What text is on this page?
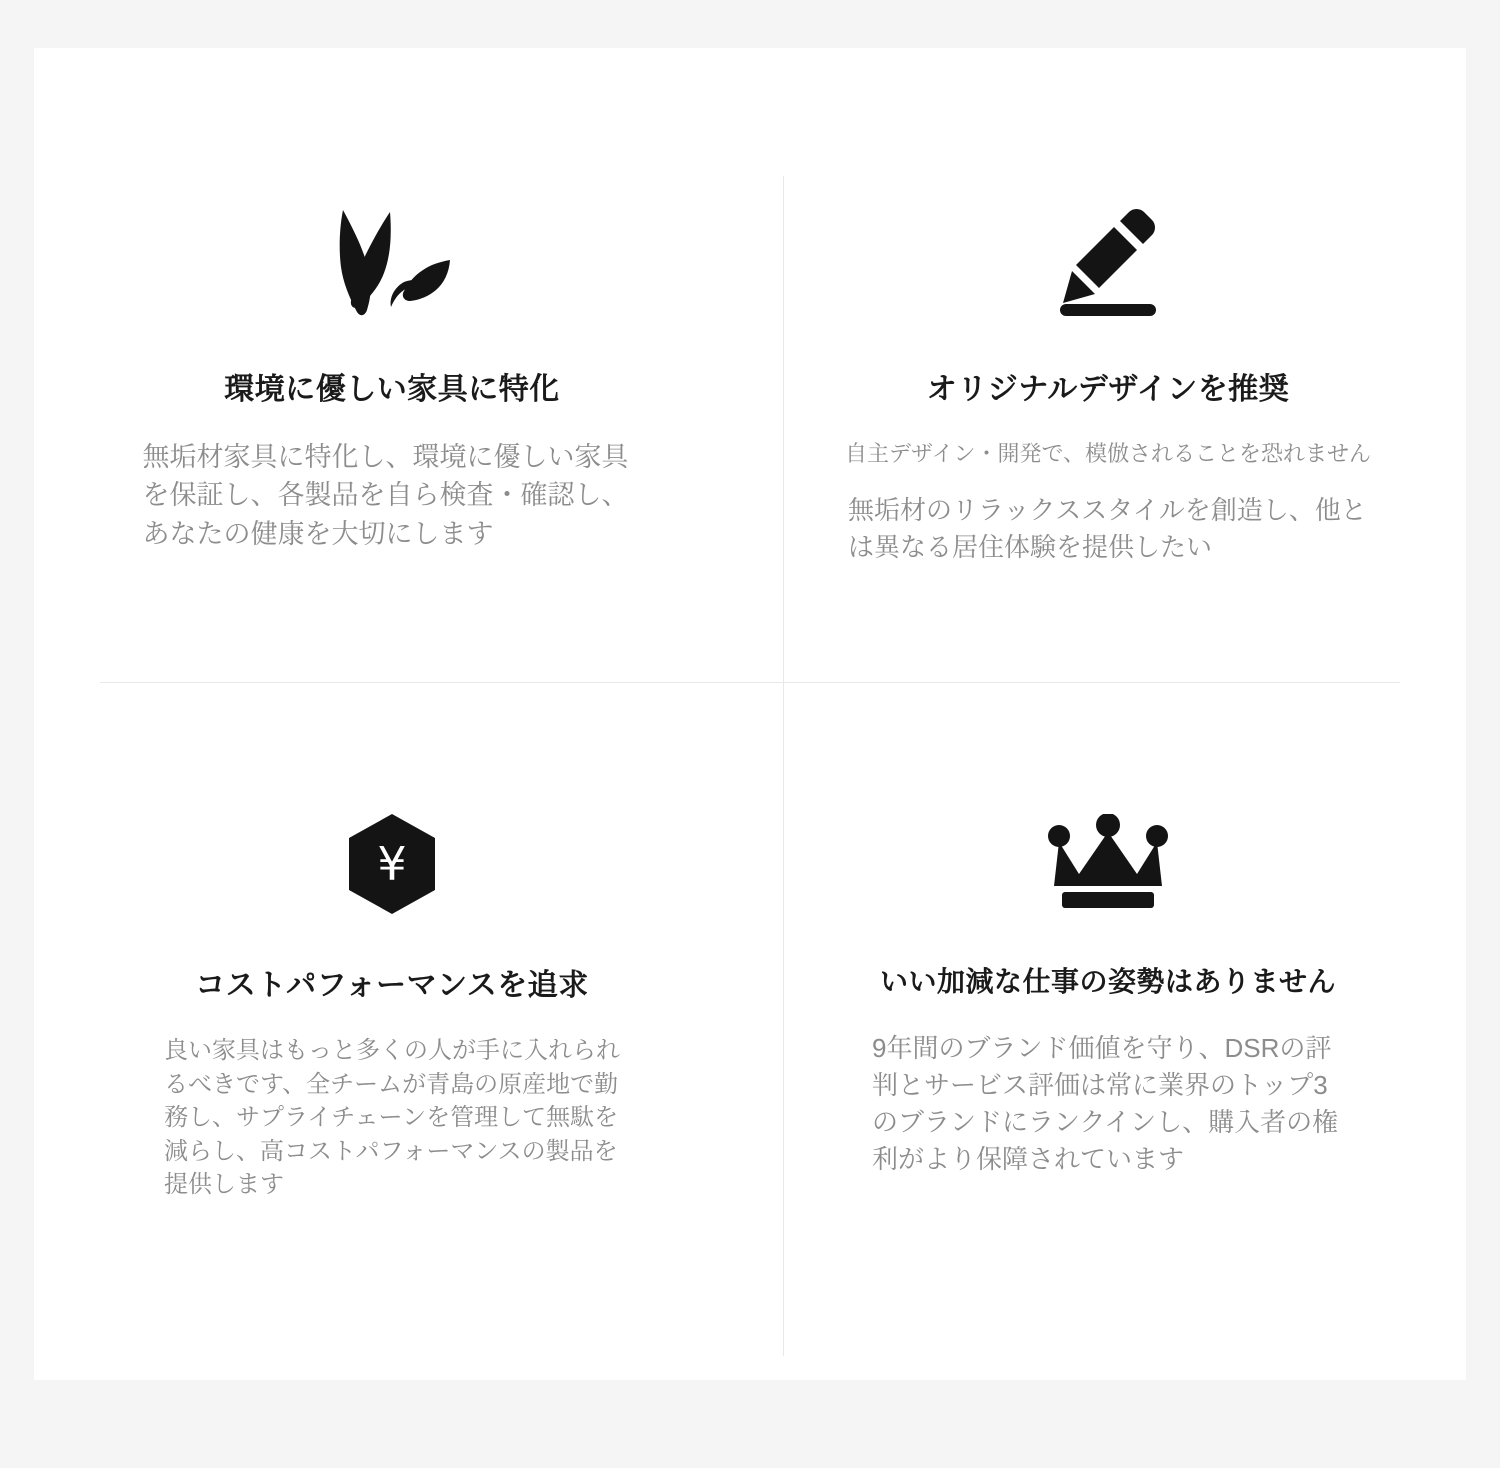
環境に優しい家具に特化

無垢材家具に特化し、環境に優しい家具を保証し、各製品を自ら検査・確認し、あなたの健康を大切にします

オリジナルデザインを推奨

自主デザイン・開発で、模倣されることを恐れません

無垢材のリラックススタイルを創造し、他とは異なる居住体験を提供したい

¥
コストパフォーマンスを追求

良い家具はもっと多くの人が手に入れられるべきです、全チームが青島の原産地で勤務し、サプライチェーンを管理して無駄を減らし、高コストパフォーマンスの製品を提供します

いい加減な仕事の姿勢はありません

9年間のブランド価値を守り、DSRの評判とサービス評価は常に業界のトップ3のブランドにランクインし、購入者の権利がより保障されています
